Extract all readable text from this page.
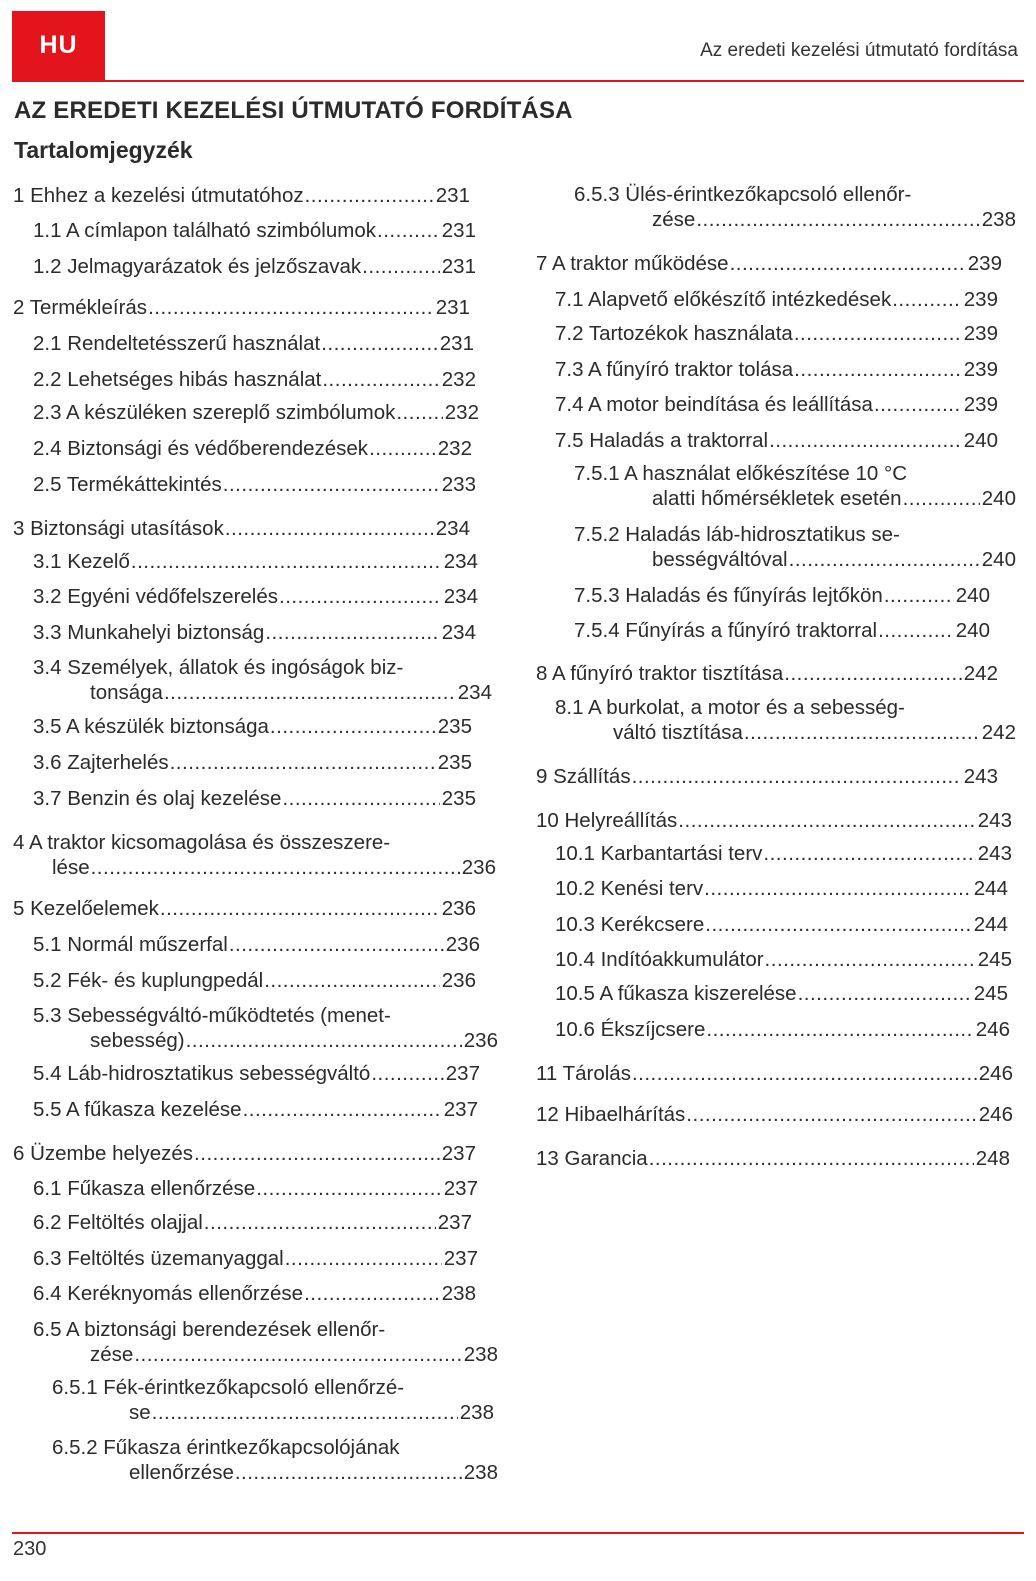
HU	Az eredeti kezelési útmutató fordítása
AZ EREDETI KEZELÉSI ÚTMUTATÓ FORDÍTÁSA
Tartalomjegyzék
1 Ehhez a kezelési útmutatóhoz .....	231
1.1 A címlapon található szimbólumok .....	231
1.2 Jelmagyarázatok és jelzőszavak .....	231
2 Termékleírás .....	231
2.1 Rendeltetésszerű használat .....	231
2.2 Lehetséges hibás használat .....	232
2.3 A készüléken szereplő szimbólumok ..... 232
2.4 Biztonsági és védőberendezések .....	232
2.5 Termékáttekintés .....	233
3 Biztonsági utasítások .....	234
3.1 Kezelő .....	234
3.2 Egyéni védőfelszerelés .....	234
3.3 Munkahelyi biztonság .....	234
3.4 Személyek, állatok és ingóságok biz-
tonsága .....	234
3.5 A készülék biztonsága .....	235
3.6 Zajterhelés .....	235
3.7 Benzin és olaj kezelése .....	235
4 A traktor kicsomagolása és összeszere-
lése .....	236
5 Kezelőelemek .....	236
5.1 Normál műszerfal .....	236
5.2 Fék- és kuplungpedál .....	236
5.3 Sebességváltó-működtetés (menet-
sebesség) .....	236
5.4 Láb-hidrosztatikus sebességváltó .....	237
5.5 A fűkasza kezelése .....	237
6 Üzembe helyezés .....	237
6.1 Fűkasza ellenőrzése .....	237
6.2 Feltöltés olajjal .....	237
6.3 Feltöltés üzemanyaggal .....	237
6.4 Keréknyomás ellenőrzése .....	238
6.5 A biztonsági berendezések ellenőr-
zése .....	238
6.5.1 Fék-érintkezőkapcsoló ellenőrzé-
se .....	238
6.5.2 Fűkasza érintkezőkapcsolójának
ellenőrzése .....	238
6.5.3 Ülés-érintkezőkapcsoló ellenőr-
zése .....	238
7 A traktor működése .....	239
7.1 Alapvető előkészítő intézkedések .....	239
7.2 Tartozékok használata .....	239
7.3 A fűnyíró traktor tolása .....	239
7.4 A motor beindítása és leállítása .....	239
7.5 Haladás a traktorral .....	240
7.5.1 A használat előkészítése 10 °C
alatti hőmérsékletek esetén .....	240
7.5.2 Haladás láb-hidrosztatikus se-
bességváltóval .....	240
7.5.3 Haladás és fűnyírás lejtőkön .....	240
7.5.4 Fűnyírás a fűnyíró traktorral .....	240
8 A fűnyíró traktor tisztítása .....	242
8.1 A burkolat, a motor és a sebesség-
váltó tisztítása .....	242
9 Szállítás .....	243
10 Helyreállítás .....	243
10.1 Karbantartási terv .....	243
10.2 Kenési terv .....	244
10.3 Kerékcsere .....	244
10.4 Indítóakkumulátor .....	245
10.5 A fűkasza kiszerelése .....	245
10.6 Ékszíjcsere .....	246
11 Tárolás .....	246
12 Hibaelhárítás .....	246
13 Garancia .....	248
230
